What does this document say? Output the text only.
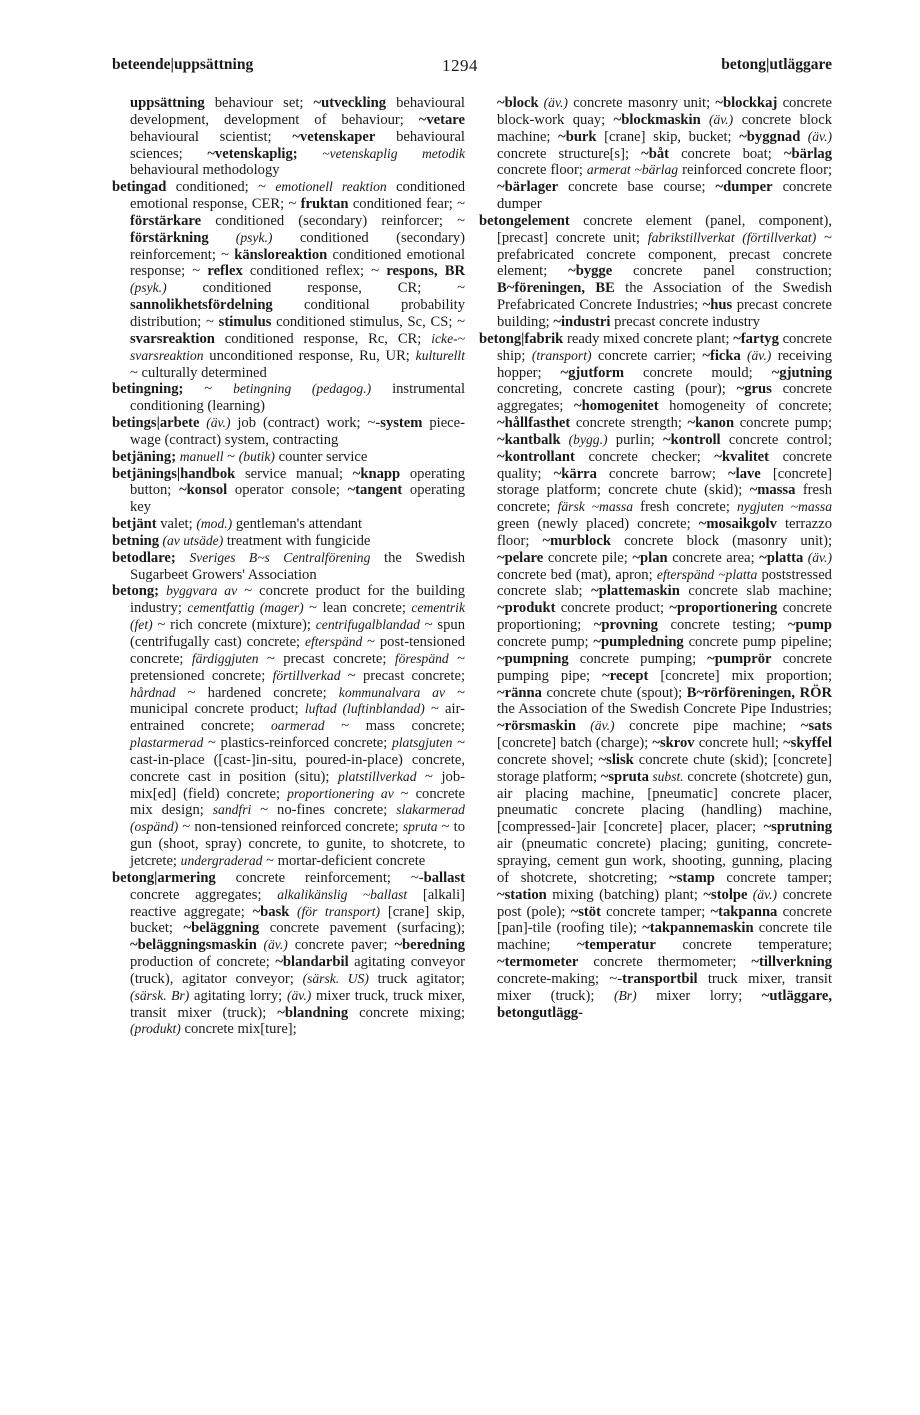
beteende|uppsättning	1294	betong|utläggare

uppsättning behaviour set; ~utveckling behavioural development, development of behaviour; ~vetare behavioural scientist; ~vetenskaper behavioural sciences; ~vetenskaplig; ~vetenskaplig metodik behavioural methodology

betingad conditioned; ~ emotionell reaktion conditioned emotional response, CER; ~ fruktan conditioned fear; ~ förstärkare conditioned (secondary) reinforcer; ~ förstärkning (psyk.) conditioned (secondary) reinforcement; ~ känsloreaktion conditioned emotional response; ~ reflex conditioned reflex; ~ respons, BR (psyk.) conditioned response, CR; ~ sannolikhetsfördelning conditional probability distribution; ~ stimulus conditioned stimulus, Sc, CS; ~ svarsreaktion conditioned response, Rc, CR; icke-~ svarsreaktion unconditioned response, Ru, UR; kulturellt ~ culturally determined

betingning; ~ betingning (pedagog.) instrumental conditioning (learning)

betings|arbete (äv.) job (contract) work; ~-system piece-wage (contract) system, contracting

betjäning; manuell ~ (butik) counter service

betjänings|handbok service manual; ~knapp operating button; ~konsol operator console; ~tangent operating key

betjänt valet; (mod.) gentleman's attendant

betning (av utsäde) treatment with fungicide

betodlare; Sveriges B~s Centralförening the Swedish Sugarbeet Growers' Association

betong; byggvara av ~ concrete product for the building industry; cementfattig (mager) ~ lean concrete; cementrik (fet) ~ rich concrete (mixture); centrifugalblandad ~ spun (centrifugally cast) concrete; efterspänd ~ post-tensioned concrete; färdiggjuten ~ precast concrete; förespänd ~ pretensioned concrete; förtillverkad ~ precast concrete; hårdnad ~ hardened concrete; kommunalvara av ~ municipal concrete product; luftad (luftinblandad) ~ air-entrained concrete; oarmerad ~ mass concrete; plastarmerad ~ plastics-reinforced concrete; platsgjuten ~ cast-in-place ([cast-]in-situ, poured-in-place) concrete, concrete cast in position (situ); platstillverkad ~ job-mix[ed] (field) concrete; proportionering av ~ concrete mix design; sandfri ~ no-fines concrete; slakarmerad (ospänd) ~ non-tensioned reinforced concrete; spruta ~ to gun (shoot, spray) concrete, to gunite, to shotcrete, to jetcrete; undergraderad ~ mortar-deficient concrete

betong|armering concrete reinforcement; ~-ballast concrete aggregates; alkalikänslig ~ballast [alkali] reactive aggregate; ~bask (för transport) [crane] skip, bucket; ~beläggning concrete pavement (surfacing); ~beläggningsmaskin (äv.) concrete paver; ~beredning production of concrete; ~blandarbil agitating conveyor (truck), agitator conveyor; (särsk. US) truck agitator; (särsk. Br) agitating lorry; (äv.) mixer truck, truck mixer, transit mixer (truck); ~blandning concrete mixing; (produkt) concrete mix[ture];

~block (äv.) concrete masonry unit; ~blockkaj concrete block-work quay; ~blockmaskin (äv.) concrete block machine; ~burk [crane] skip, bucket; ~byggnad (äv.) concrete structure[s]; ~båt concrete boat; ~bärlag concrete floor; armerat ~bärlag reinforced concrete floor; ~bärlager concrete base course; ~dumper concrete dumper

betongelement concrete element (panel, component), [precast] concrete unit; fabrikstillverkat (förtillverkat) ~ prefabricated concrete component, precast concrete element; ~bygge concrete panel construction; B~föreningen, BE the Association of the Swedish Prefabricated Concrete Industries; ~hus precast concrete building; ~industri precast concrete industry

betong|fabrik ready mixed concrete plant; ~fartyg concrete ship; (transport) concrete carrier; ~ficka (äv.) receiving hopper; ~gjutform concrete mould; ~gjutning concreting, concrete casting (pour); ~grus concrete aggregates; ~homogenitet homogeneity of concrete; ~hållfasthet concrete strength; ~kanon concrete pump; ~kantbalk (bygg.) purlin; ~kontroll concrete control; ~kontrollant concrete checker; ~kvalitet concrete quality; ~kärra concrete barrow; ~lave [concrete] storage platform; concrete chute (skid); ~massa fresh concrete; färsk ~massa fresh concrete; nygjuten ~massa green (newly placed) concrete; ~mosaikgolv terrazzo floor; ~murblock concrete block (masonry unit); ~pelare concrete pile; ~plan concrete area; ~platta (äv.) concrete bed (mat), apron; efterspänd ~platta poststressed concrete slab; ~plattemaskin concrete slab machine; ~produkt concrete product; ~proportionering concrete proportioning; ~provning concrete testing; ~pump concrete pump; ~pumpledning concrete pump pipeline; ~pumpning concrete pumping; ~pumprör concrete pumping pipe; ~recept [concrete] mix proportion; ~ränna concrete chute (spout); B~rörföreningen, RÖR the Association of the Swedish Concrete Pipe Industries; ~rörsmaskin (äv.) concrete pipe machine; ~sats [concrete] batch (charge); ~skrov concrete hull; ~skyffel concrete shovel; ~slisk concrete chute (skid); [concrete] storage platform; ~spruta subst. concrete (shotcrete) gun, air placing machine, [pneumatic] concrete placer, pneumatic concrete placing (handling) machine, [compressed-]air [concrete] placer, placer; ~sprutning air (pneumatic concrete) placing; guniting, concrete-spraying, cement gun work, shooting, gunning, placing of shotcrete, shotcreting; ~stamp concrete tamper; ~station mixing (batching) plant; ~stolpe (äv.) concrete post (pole); ~stöt concrete tamper; ~takpanna concrete [pan]-tile (roofing tile); ~takpannemaskin concrete tile machine; ~temperatur concrete temperature; ~termometer concrete thermometer; ~tillverkning concrete-making; ~-transportbil truck mixer, transit mixer (truck); (Br) mixer lorry; ~utläggare, betongutlägg-
